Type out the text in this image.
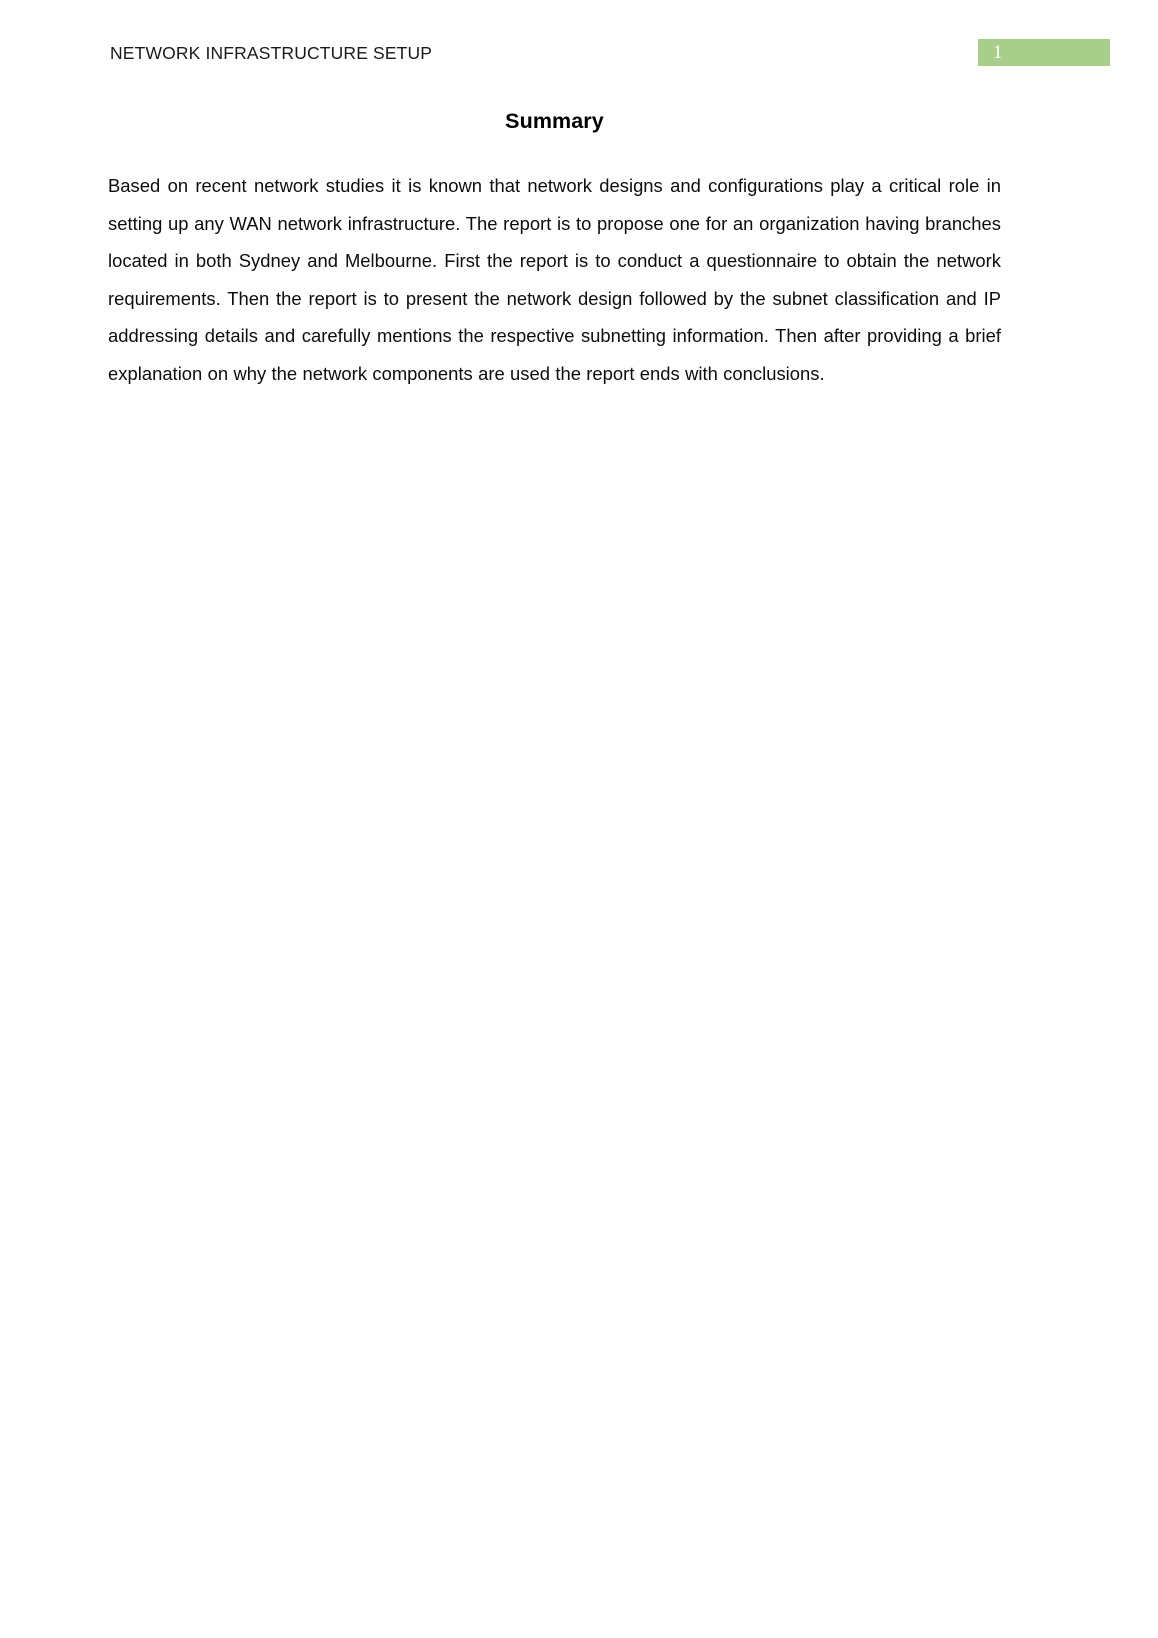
NETWORK INFRASTRUCTURE SETUP	1
Summary

Based on recent network studies it is known that network designs and configurations play a critical role in setting up any WAN network infrastructure. The report is to propose one for an organization having branches located in both Sydney and Melbourne. First the report is to conduct a questionnaire to obtain the network requirements. Then the report is to present the network design followed by the subnet classification and IP addressing details and carefully mentions the respective subnetting information. Then after providing a brief explanation on why the network components are used the report ends with conclusions.
